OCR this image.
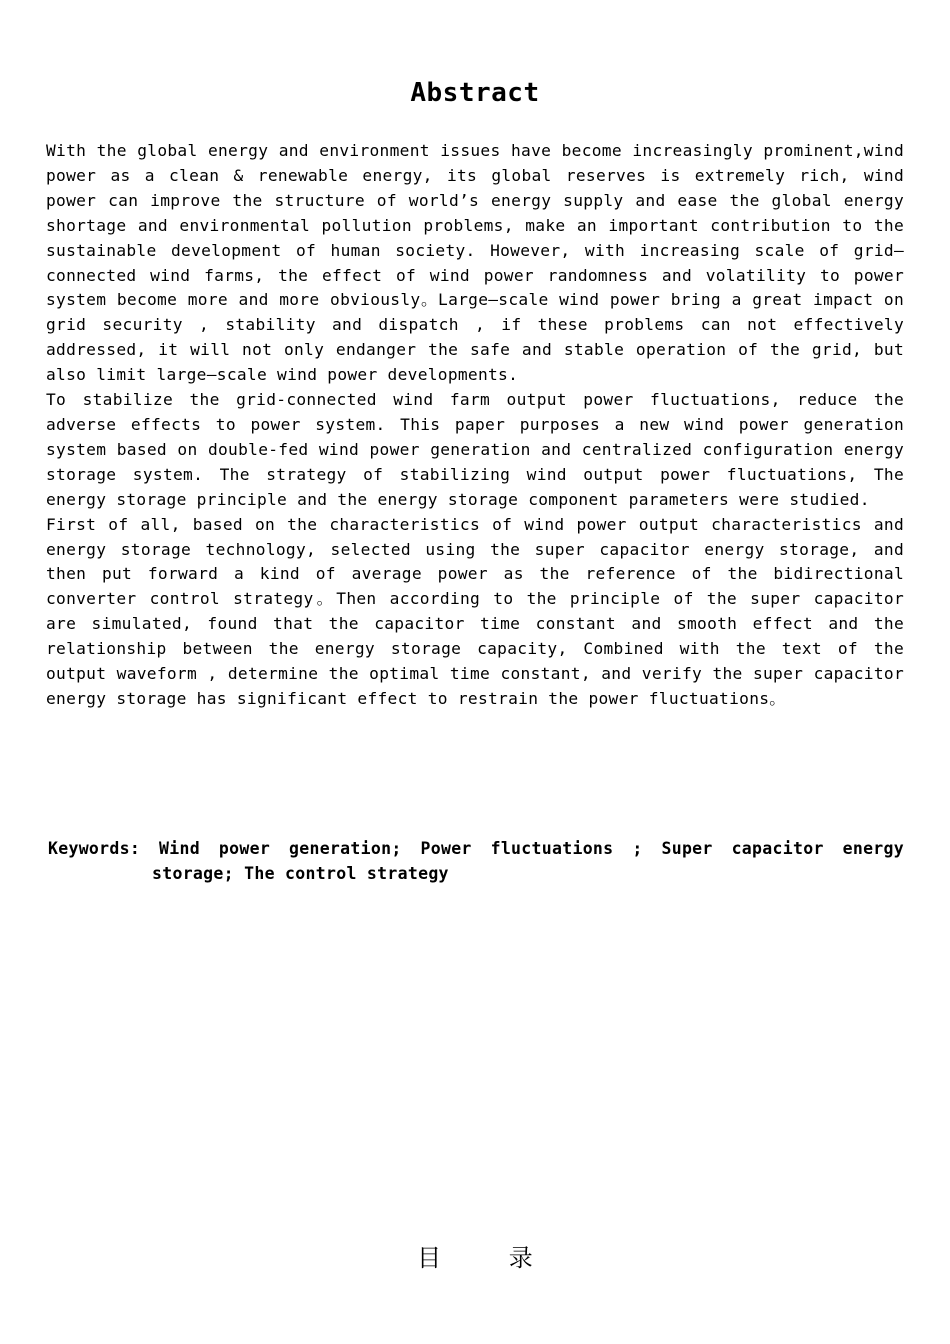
Abstract

With the global energy and environment issues have become increasingly prominent,wind power as a clean & renewable energy, its global reserves is extremely rich, wind power can improve the structure of world’s energy supply and ease the global energy shortage and environmental pollution problems, make an important contribution to the sustainable development of human society. However, with increasing scale of grid—connected wind farms, the effect of wind power randomness and volatility to power system become more and more obviously。Large—scale wind power bring a great impact on grid security , stability and dispatch , if these problems can not effectively addressed, it will not only endanger the safe and stable operation of the grid, but also limit large—scale wind power developments.

To stabilize the grid-connected wind farm output power fluctuations, reduce the adverse effects to power system. This paper purposes a new wind power generation system based on double-fed wind power generation and centralized configuration energy storage system. The strategy of stabilizing wind output power fluctuations, The energy storage principle and the energy storage component parameters were studied.

First of all, based on the characteristics of wind power output characteristics and energy storage technology, selected using the super capacitor energy storage, and then put forward a kind of average power as the reference of the bidirectional converter control strategy。Then according to the principle of the super capacitor are simulated, found that the capacitor time constant and smooth effect and the relationship between the energy storage capacity, Combined with the text of the output waveform , determine the optimal time constant, and verify the super capacitor energy storage has significant effect to restrain the power fluctuations。

Keywords: Wind power generation; Power fluctuations ; Super capacitor energy storage; The control strategy
目 录
